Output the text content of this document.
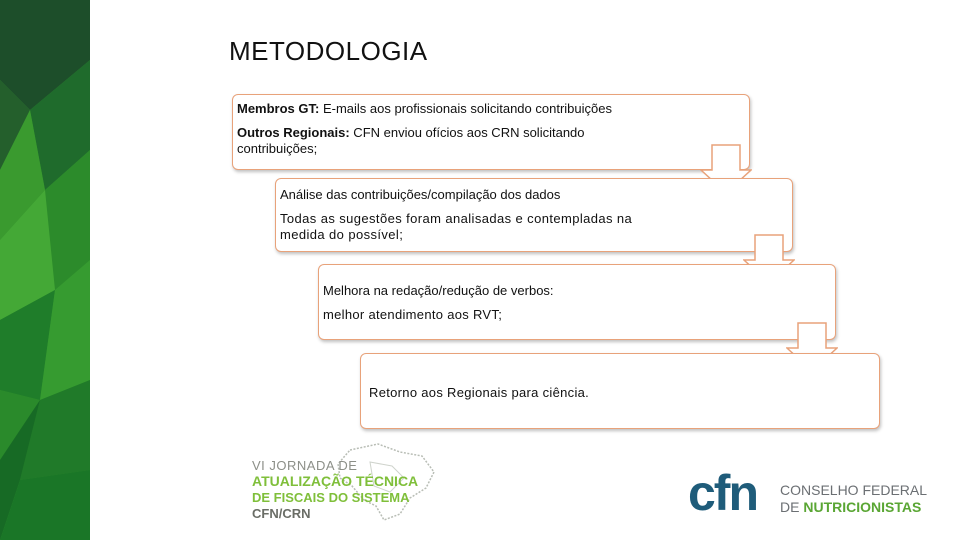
METODOLOGIA

Membros GT: E-mails aos profissionais solicitando contribuições

Outros Regionais: CFN enviou ofícios aos CRN solicitando contribuições;

Análise das contribuições/compilação dos dados

Todas as sugestões foram analisadas e contempladas na medida do possível;

Melhora na redação/redução de verbos:

melhor atendimento aos RVT;

Retorno aos Regionais para ciência.

VI JORNADA DE
ATUALIZAÇÃO TÉCNICA
DE FISCAIS DO SISTEMA
CFN/CRN	cfn CONSELHO FEDERAL
DE NUTRICIONISTAS
